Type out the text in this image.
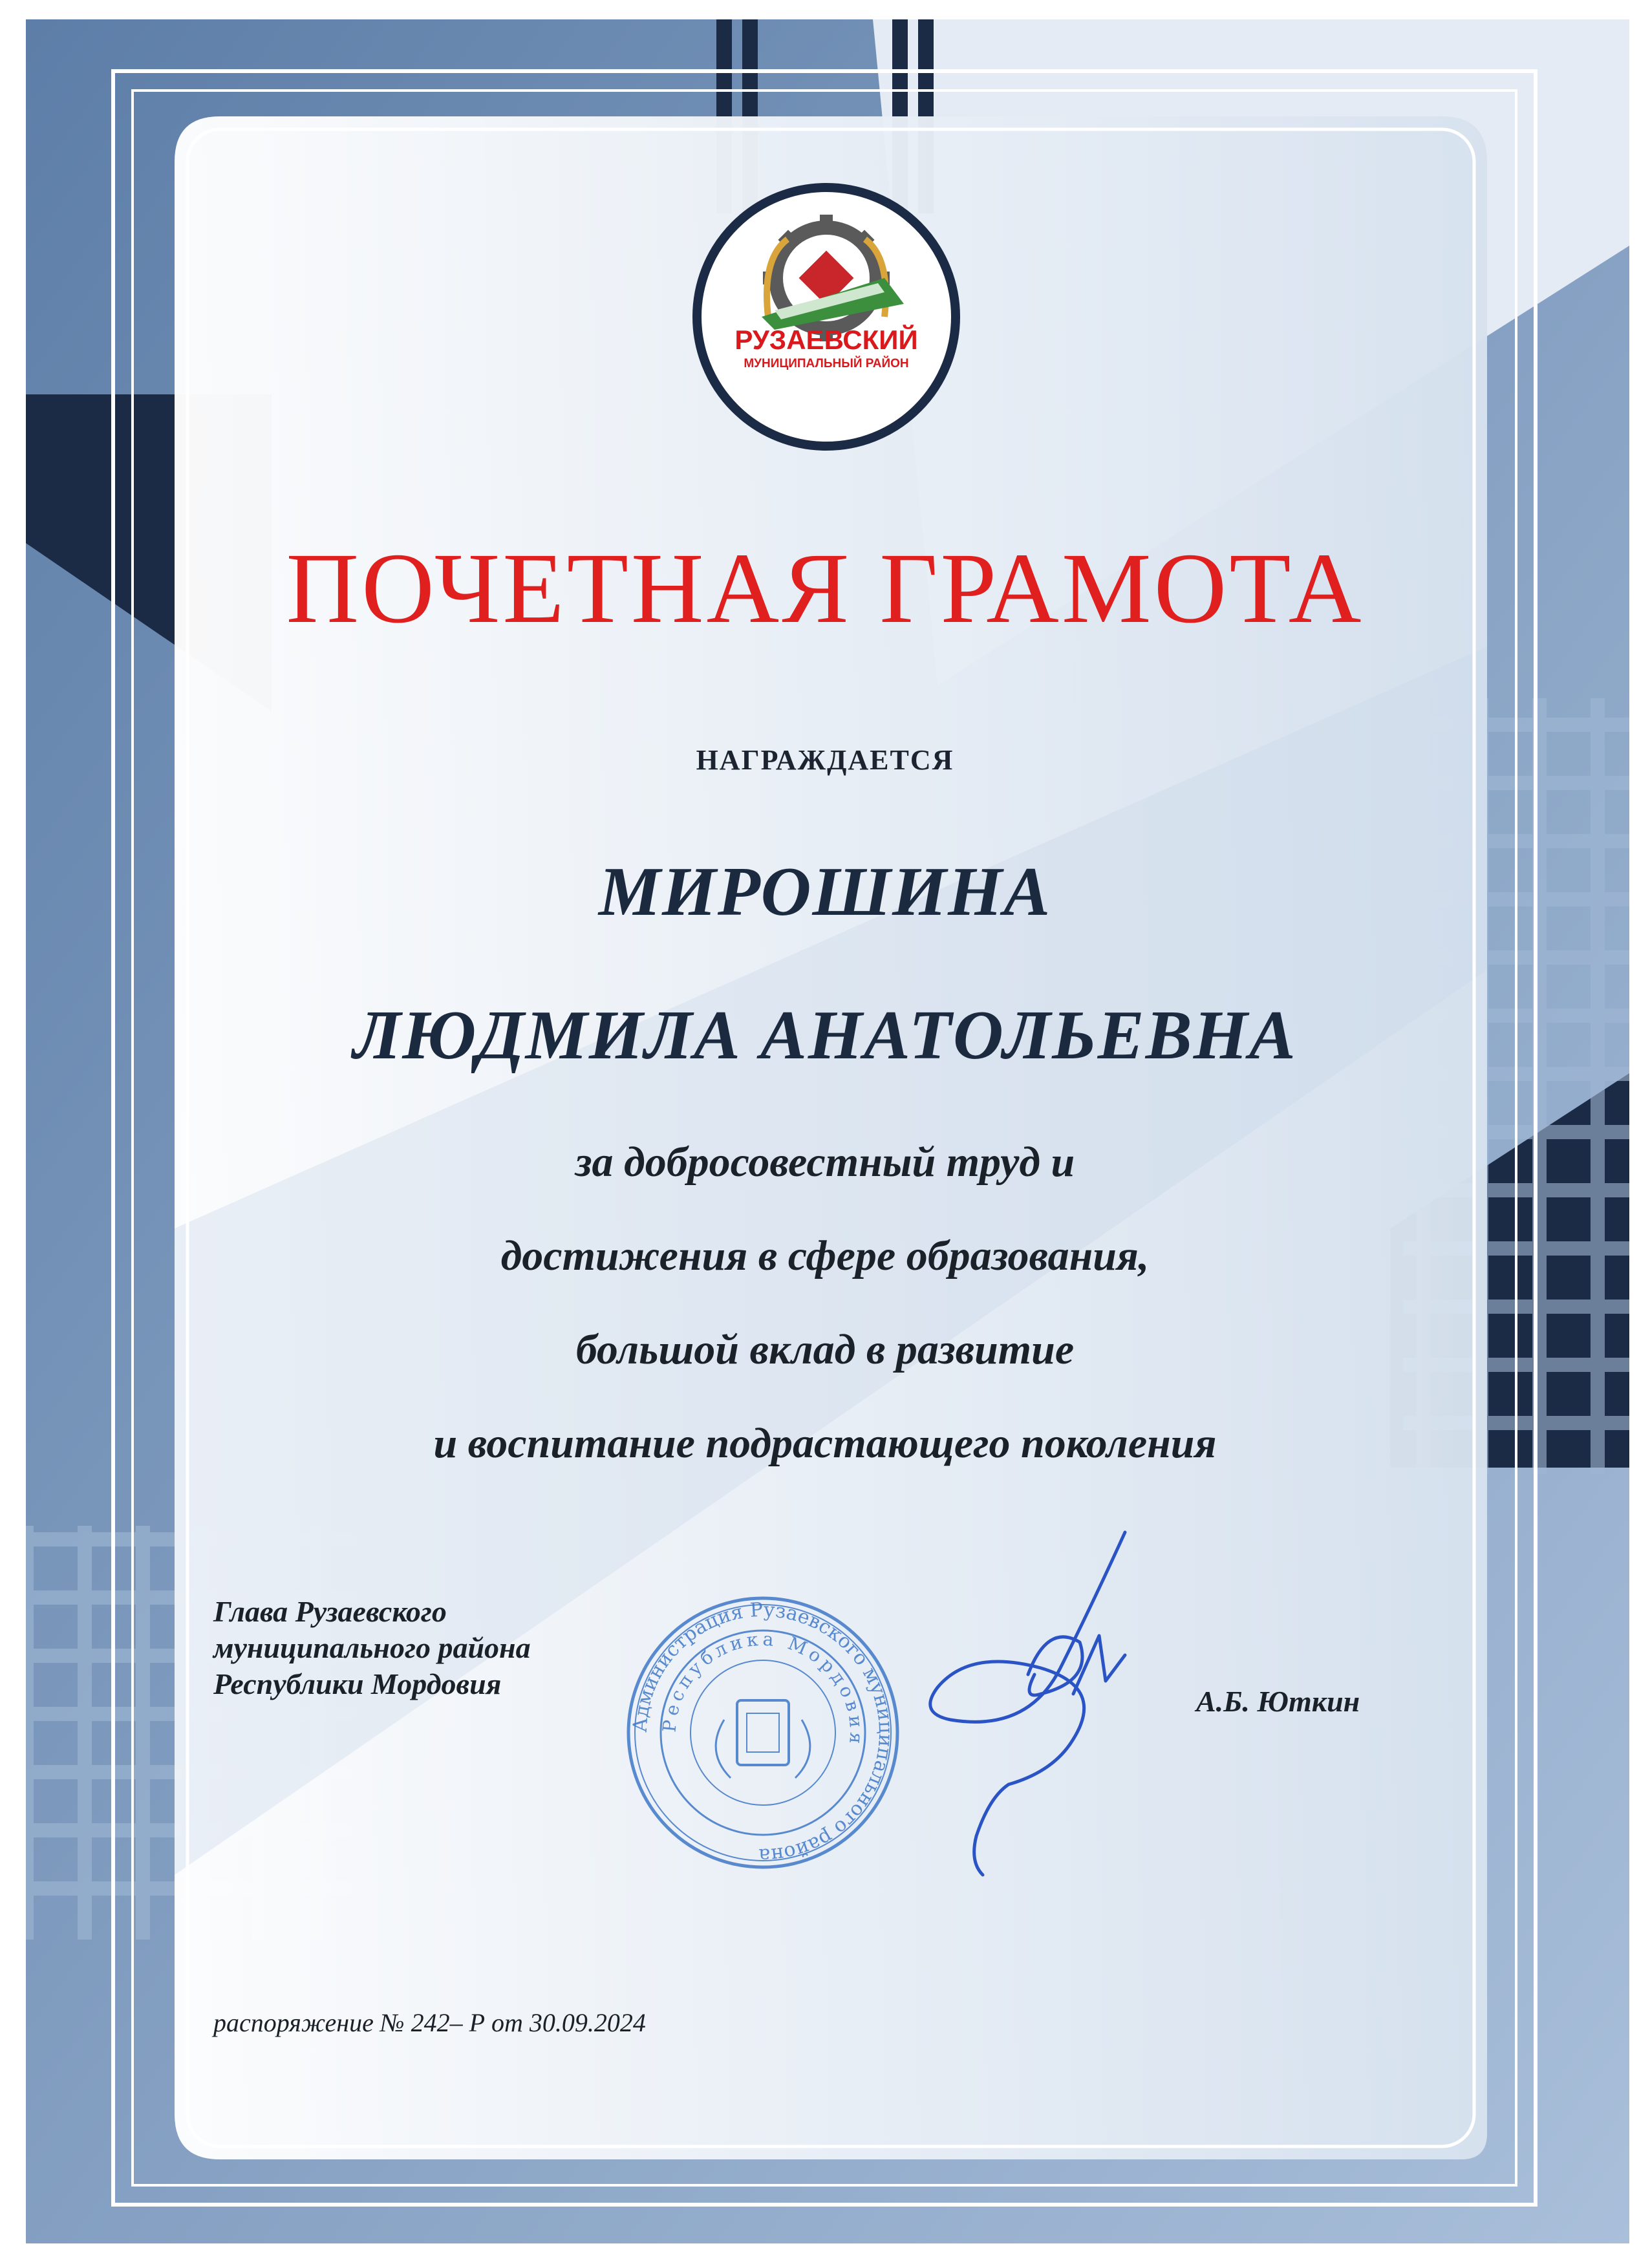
РУЗАЕВСКИЙ
МУНИЦИПАЛЬНЫЙ РАЙОН
ПОЧЕТНАЯ ГРАМОТА
НАГРАЖДАЕТСЯ
МИРОШИНА
ЛЮДМИЛА АНАТОЛЬЕВНА
за добросовестный труд и
достижения в сфере образования,
большой вклад в развитие
и воспитание подрастающего поколения
Глава Рузаевского
муниципального района
Республики Мордовия
Администрация Рузаевского муниципального района
Республика Мордовия
А.Б. Юткин
распоряжение № 242– Р от 30.09.2024
